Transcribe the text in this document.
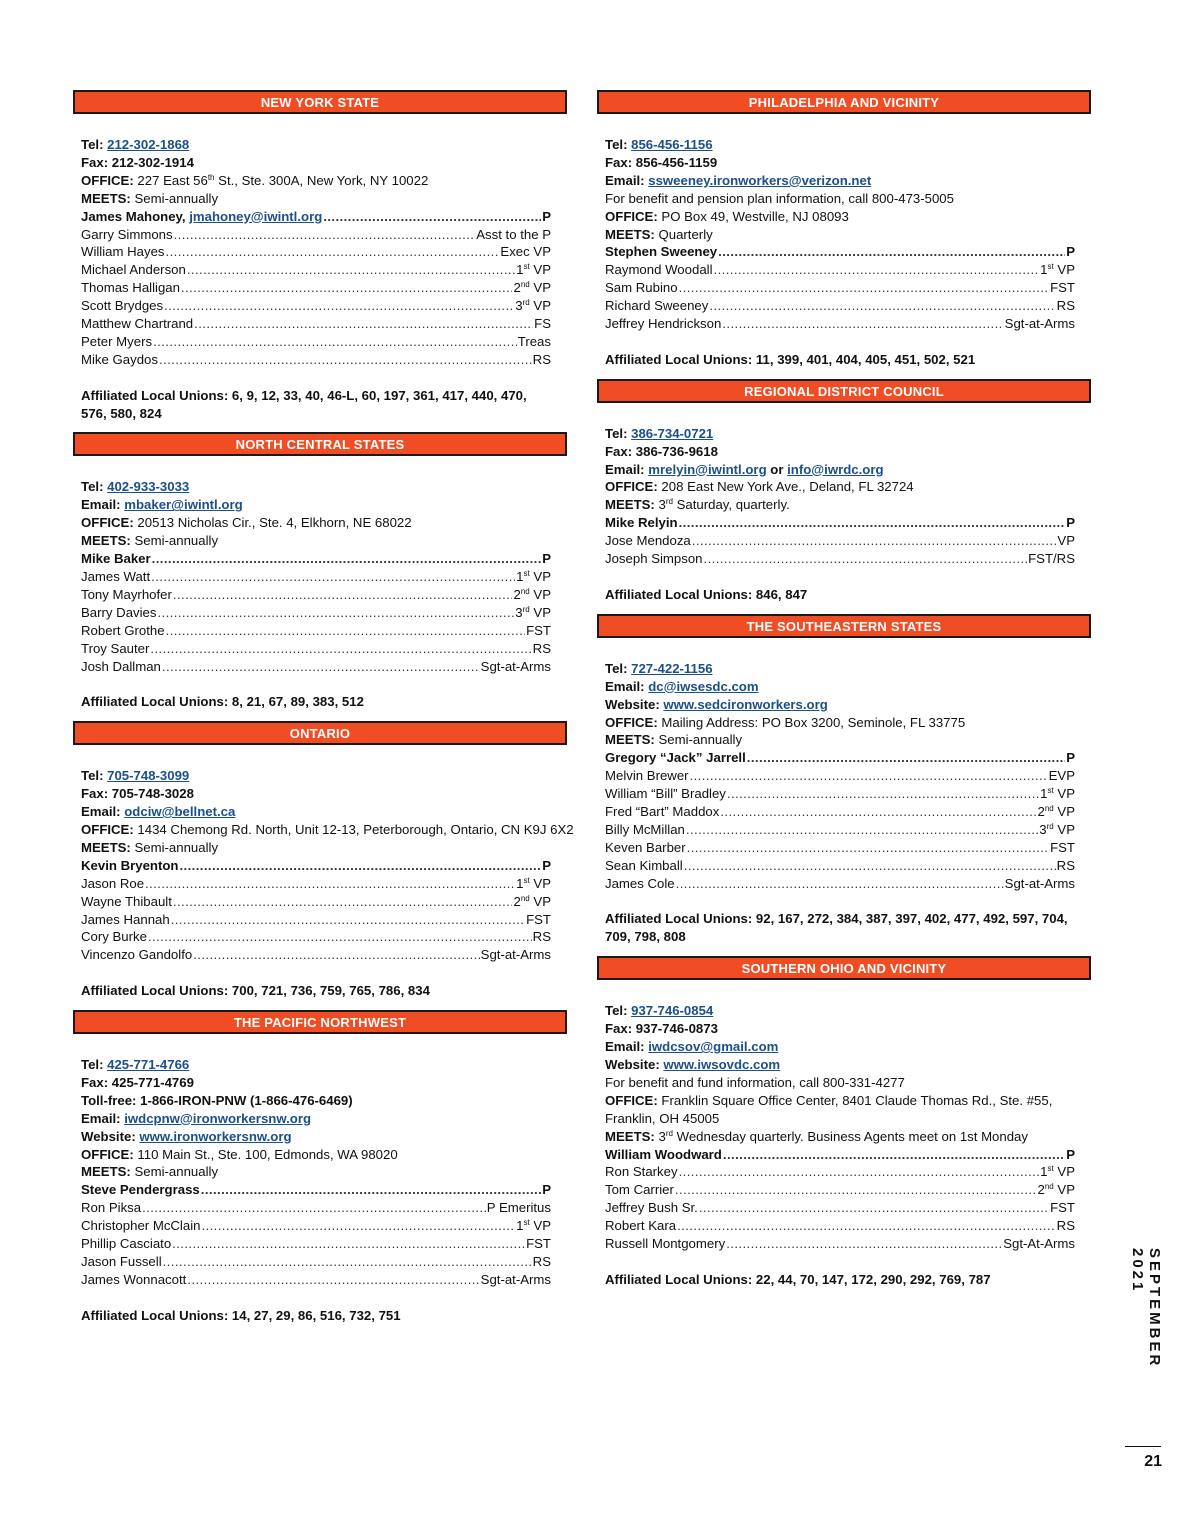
NEW YORK STATE
Tel: 212-302-1868
Fax: 212-302-1914
OFFICE: 227 East 56th St., Ste. 300A, New York, NY 10022
MEETS: Semi-annually
James Mahoney, jmahoney@iwintl.org .....	P
Garry Simmons .....	Asst to the P
William Hayes .....	Exec VP
Michael Anderson .....	1st VP
Thomas Halligan .....	2nd VP
Scott Brydges .....	3rd VP
Matthew Chartrand .....	FS
Peter Myers .....	Treas
Mike Gaydos .....	RS
Affiliated Local Unions: 6, 9, 12, 33, 40, 46-L, 60, 197, 361, 417, 440, 470, 576, 580, 824
NORTH CENTRAL STATES
Tel: 402-933-3033
Email: mbaker@iwintl.org
OFFICE: 20513 Nicholas Cir., Ste. 4, Elkhorn, NE 68022
MEETS: Semi-annually
Mike Baker .....	P
James Watt .....	1st VP
Tony Mayrhofer .....	2nd VP
Barry Davies .....	3rd VP
Robert Grothe .....	FST
Troy Sauter .....	RS
Josh Dallman .....	Sgt-at-Arms
Affiliated Local Unions: 8, 21, 67, 89, 383, 512
ONTARIO
Tel: 705-748-3099
Fax: 705-748-3028
Email: odciw@bellnet.ca
OFFICE: 1434 Chemong Rd. North, Unit 12-13, Peterborough, Ontario, CN K9J 6X2
MEETS: Semi-annually
Kevin Bryenton .....	P
Jason Roe .....	1st VP
Wayne Thibault .....	2nd VP
James Hannah .....	FST
Cory Burke .....	RS
Vincenzo Gandolfo .....	Sgt-at-Arms
Affiliated Local Unions: 700, 721, 736, 759, 765, 786, 834
THE PACIFIC NORTHWEST
Tel: 425-771-4766
Fax: 425-771-4769
Toll-free: 1-866-IRON-PNW (1-866-476-6469)
Email: iwdcpnw@ironworkersnw.org
Website: www.ironworkersnw.org
OFFICE: 110 Main St., Ste. 100, Edmonds, WA 98020
MEETS: Semi-annually
Steve Pendergrass .....	P
Ron Piksa .....	P Emeritus
Christopher McClain .....	1st VP
Phillip Casciato .....	FST
Jason Fussell .....	RS
James Wonnacott .....	Sgt-at-Arms
Affiliated Local Unions: 14, 27, 29, 86, 516, 732, 751
PHILADELPHIA AND VICINITY
Tel: 856-456-1156
Fax: 856-456-1159
Email: ssweeney.ironworkers@verizon.net
For benefit and pension plan information, call 800-473-5005
OFFICE: PO Box 49, Westville, NJ 08093
MEETS: Quarterly
Stephen Sweeney .....	P
Raymond Woodall .....	1st VP
Sam Rubino .....	FST
Richard Sweeney .....	RS
Jeffrey Hendrickson .....	Sgt-at-Arms
Affiliated Local Unions: 11, 399, 401, 404, 405, 451, 502, 521
REGIONAL DISTRICT COUNCIL
Tel: 386-734-0721
Fax: 386-736-9618
Email: mrelyin@iwintl.org or info@iwrdc.org
OFFICE: 208 East New York Ave., Deland, FL 32724
MEETS: 3rd Saturday, quarterly.
Mike Relyin .....	P
Jose Mendoza .....	VP
Joseph Simpson .....	FST/RS
Affiliated Local Unions: 846, 847
THE SOUTHEASTERN STATES
Tel: 727-422-1156
Email: dc@iwsesdc.com
Website: www.sedcironworkers.org
OFFICE: Mailing Address: PO Box 3200, Seminole, FL 33775
MEETS: Semi-annually
Gregory “Jack” Jarrell .....	P
Melvin Brewer .....	EVP
William “Bill” Bradley .....	1st VP
Fred “Bart” Maddox .....	2nd VP
Billy McMillan .....	3rd VP
Keven Barber .....	FST
Sean Kimball .....	RS
James Cole .....	Sgt-at-Arms
Affiliated Local Unions: 92, 167, 272, 384, 387, 397, 402, 477, 492, 597, 704, 709, 798, 808
SOUTHERN OHIO AND VICINITY
Tel: 937-746-0854
Fax: 937-746-0873
Email: iwdcsov@gmail.com
Website: www.iwsovdc.com
For benefit and fund information, call 800-331-4277
OFFICE: Franklin Square Office Center, 8401 Claude Thomas Rd., Ste. #55,
Franklin, OH 45005
MEETS: 3rd Wednesday quarterly. Business Agents meet on 1st Monday
William Woodward .....	P
Ron Starkey .....	1st VP
Tom Carrier .....	2nd VP
Jeffrey Bush Sr. .....	FST
Robert Kara .....	RS
Russell Montgomery .....	Sgt-At-Arms
Affiliated Local Unions: 22, 44, 70, 147, 172, 290, 292, 769, 787	SEPTEMBER 2021
21
